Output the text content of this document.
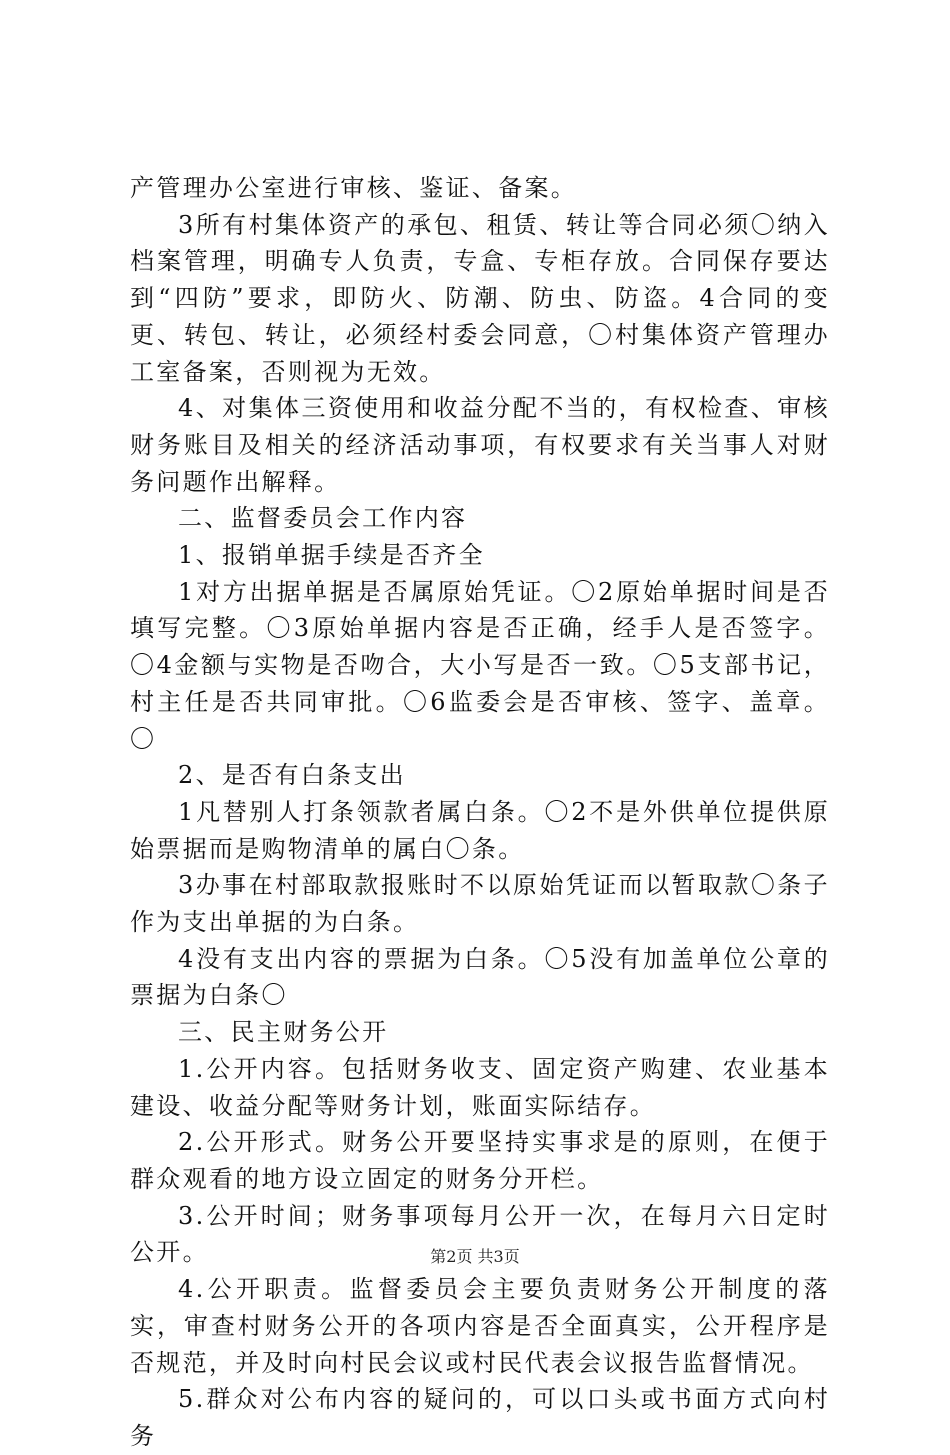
产管理办公室进行审核、鉴证、备案。

3所有村集体资产的承包、租赁、转让等合同必须〇纳入档案管理，明确专人负责，专盒、专柜存放。合同保存要达到“四防”要求，即防火、防潮、防虫、防盗。4合同的变更、转包、转让，必须经村委会同意，〇村集体资产管理办工室备案，否则视为无效。

4、对集体三资使用和收益分配不当的，有权检查、审核财务账目及相关的经济活动事项，有权要求有关当事人对财务问题作出解释。

二、监督委员会工作内容

1、报销单据手续是否齐全

1对方出据单据是否属原始凭证。〇2原始单据时间是否填写完整。〇3原始单据内容是否正确，经手人是否签字。〇4金额与实物是否吻合，大小写是否一致。〇5支部书记，村主任是否共同审批。〇6监委会是否审核、签字、盖章。〇

2、是否有白条支出

1凡替别人打条领款者属白条。〇2不是外供单位提供原始票据而是购物清单的属白〇条。

3办事在村部取款报账时不以原始凭证而以暂取款〇条子作为支出单据的为白条。

4没有支出内容的票据为白条。〇5没有加盖单位公章的票据为白条〇

三、民主财务公开

1.公开内容。包括财务收支、固定资产购建、农业基本建设、收益分配等财务计划，账面实际结存。

2.公开形式。财务公开要坚持实事求是的原则，在便于群众观看的地方设立固定的财务分开栏。

3.公开时间；财务事项每月公开一次，在每月六日定时公开。

4.公开职责。监督委员会主要负责财务公开制度的落实，审查村财务公开的各项内容是否全面真实，公开程序是否规范，并及时向村民会议或村民代表会议报告监督情况。

5.群众对公布内容的疑问的，可以口头或书面方式向村务

第2页 共3页
